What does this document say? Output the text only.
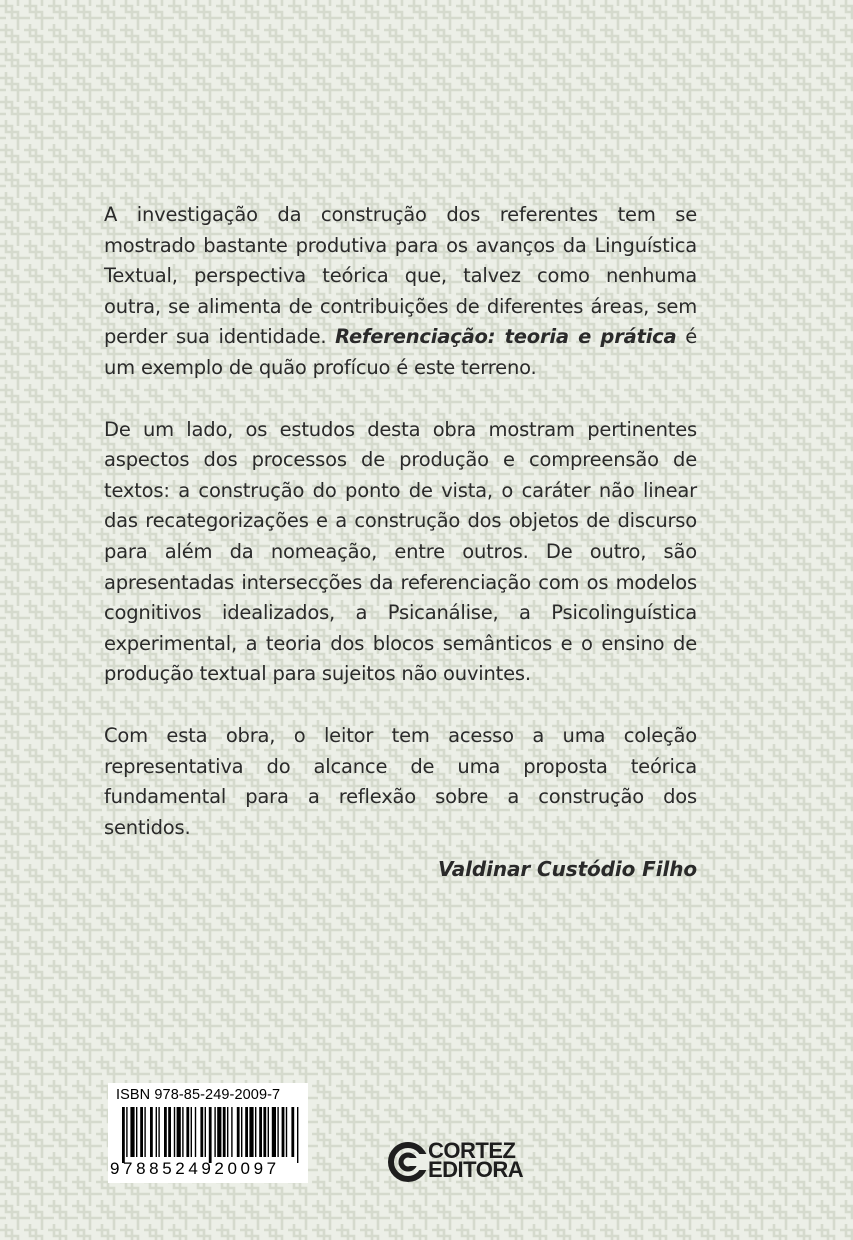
A investigação da construção dos referentes tem se mostrado bastante produtiva para os avanços da Linguística Textual, perspectiva teórica que, talvez como nenhuma outra, se alimenta de contribuições de diferentes áreas, sem perder sua identidade. Referenciação: teoria e prática é um exemplo de quão profícuo é este terreno.

De um lado, os estudos desta obra mostram pertinentes aspectos dos processos de produção e compreensão de textos: a construção do ponto de vista, o caráter não linear das recategorizações e a construção dos objetos de discurso para além da nomeação, entre outros. De outro, são apresentadas intersecções da referenciação com os modelos cognitivos idealizados, a Psicanálise, a Psicolinguística experimental, a teoria dos blocos semânticos e o ensino de produção textual para sujeitos não ouvintes.

Com esta obra, o leitor tem acesso a uma coleção representativa do alcance de uma proposta teórica fundamental para a reflexão sobre a construção dos sentidos.

Valdinar Custódio Filho
ISBN 978-85-249-2009-7
9788524920097
CORTEZ
EDITORA
